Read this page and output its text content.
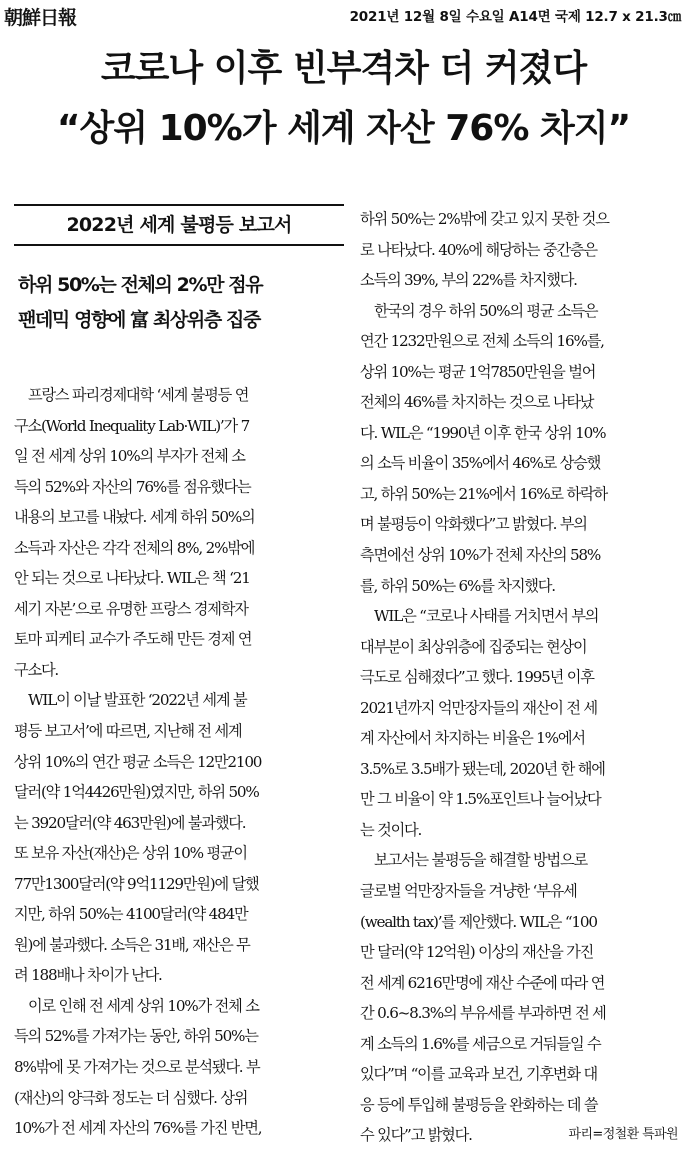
朝鮮日報	2021년 12월 8일 수요일 A14면 국제 12.7 x 21.3㎝
코로나 이후 빈부격차 더 커졌다
“상위 10%가 세계 자산 76% 차지”
2022년 세계 불평등 보고서
하위 50%는 전체의 2%만 점유
팬데믹 영향에 富 최상위층 집중

　프랑스 파리경제대학 ‘세계 불평등 연

구소(World Inequality Lab·WIL)’가 7

일 전 세계 상위 10%의 부자가 전체 소

득의 52%와 자산의 76%를 점유했다는

내용의 보고를 내놨다. 세계 하위 50%의

소득과 자산은 각각 전체의 8%, 2%밖에

안 되는 것으로 나타났다. WIL은 책 ‘21

세기 자본’으로 유명한 프랑스 경제학자

토마 피케티 교수가 주도해 만든 경제 연

구소다.

　WIL이 이날 발표한 ‘2022년 세계 불

평등 보고서’에 따르면, 지난해 전 세계

상위 10%의 연간 평균 소득은 12만2100

달러(약 1억4426만원)였지만, 하위 50%

는 3920달러(약 463만원)에 불과했다.

또 보유 자산(재산)은 상위 10% 평균이

77만1300달러(약 9억1129만원)에 달했

지만, 하위 50%는 4100달러(약 484만

원)에 불과했다. 소득은 31배, 재산은 무

려 188배나 차이가 난다.

　이로 인해 전 세계 상위 10%가 전체 소

득의 52%를 가져가는 동안, 하위 50%는

8%밖에 못 가져가는 것으로 분석됐다. 부

(재산)의 양극화 정도는 더 심했다. 상위

10%가 전 세계 자산의 76%를 가진 반면,

하위 50%는 2%밖에 갖고 있지 못한 것으

로 나타났다. 40%에 해당하는 중간층은

소득의 39%, 부의 22%를 차지했다.

　한국의 경우 하위 50%의 평균 소득은

연간 1232만원으로 전체 소득의 16%를,

상위 10%는 평균 1억7850만원을 벌어

전체의 46%를 차지하는 것으로 나타났

다. WIL은 “1990년 이후 한국 상위 10%

의 소득 비율이 35%에서 46%로 상승했

고, 하위 50%는 21%에서 16%로 하락하

며 불평등이 악화했다”고 밝혔다. 부의

측면에선 상위 10%가 전체 자산의 58%

를, 하위 50%는 6%를 차지했다.

　WIL은 “코로나 사태를 거치면서 부의

대부분이 최상위층에 집중되는 현상이

극도로 심해졌다”고 했다. 1995년 이후

2021년까지 억만장자들의 재산이 전 세

계 자산에서 차지하는 비율은 1%에서

3.5%로 3.5배가 됐는데, 2020년 한 해에

만 그 비율이 약 1.5%포인트나 늘어났다

는 것이다.

　보고서는 불평등을 해결할 방법으로

글로벌 억만장자들을 겨냥한 ‘부유세

(wealth tax)’를 제안했다. WIL은 “100

만 달러(약 12억원) 이상의 재산을 가진

전 세계 6216만명에 재산 수준에 따라 연

간 0.6~8.3%의 부유세를 부과하면 전 세

계 소득의 1.6%를 세금으로 거둬들일 수

있다”며 “이를 교육과 보건, 기후변화 대

응 등에 투입해 불평등을 완화하는 데 쓸

수 있다”고 밝혔다.	파리=정철환 특파원
